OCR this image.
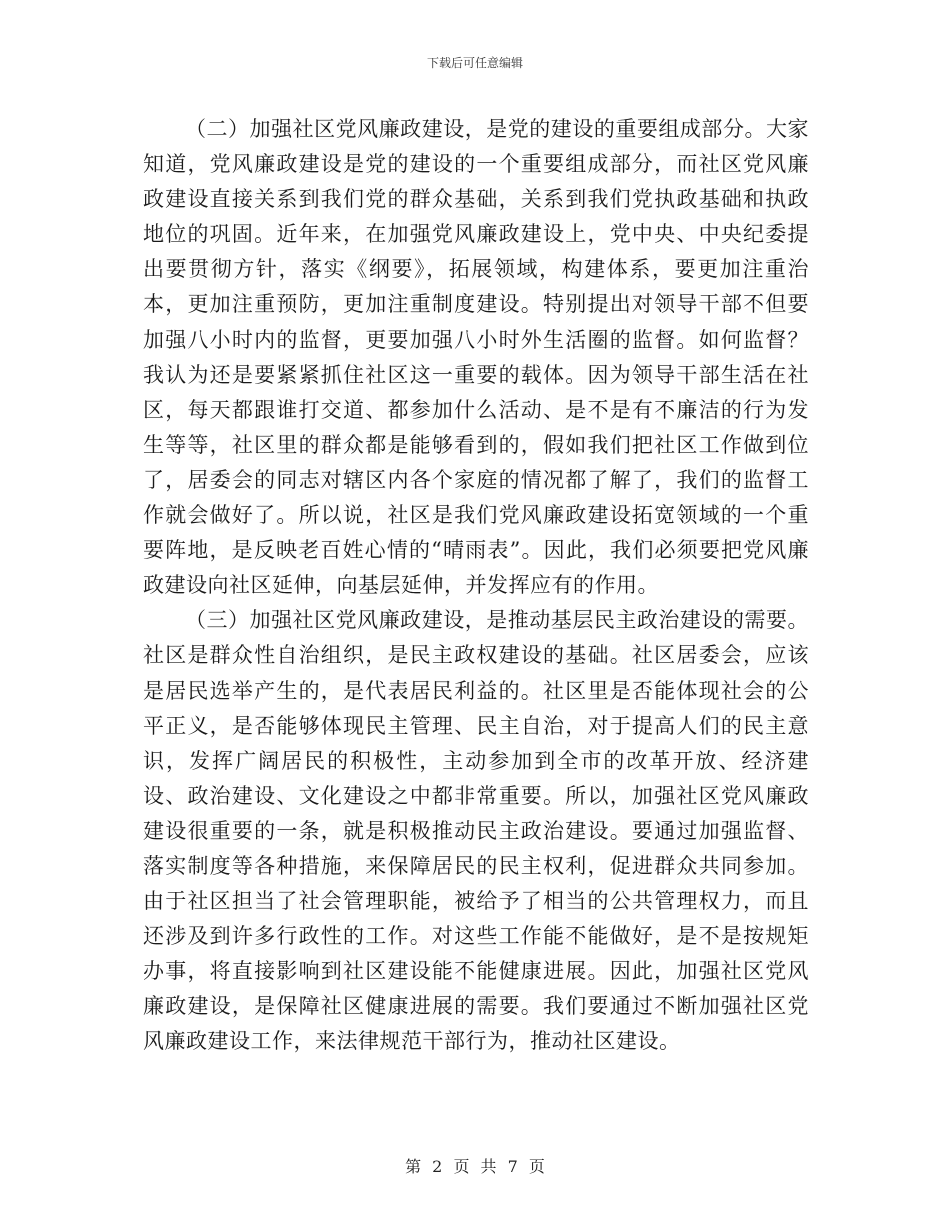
下载后可任意编辑

（二）加强社区党风廉政建设，是党的建设的重要组成部分。大家知道，党风廉政建设是党的建设的一个重要组成部分，而社区党风廉政建设直接关系到我们党的群众基础，关系到我们党执政基础和执政地位的巩固。近年来，在加强党风廉政建设上，党中央、中央纪委提出要贯彻方针，落实《纲要》，拓展领域，构建体系，要更加注重治本，更加注重预防，更加注重制度建设。特别提出对领导干部不但要加强八小时内的监督，更要加强八小时外生活圈的监督。如何监督？我认为还是要紧紧抓住社区这一重要的载体。因为领导干部生活在社区，每天都跟谁打交道、都参加什么活动、是不是有不廉洁的行为发生等等，社区里的群众都是能够看到的，假如我们把社区工作做到位了，居委会的同志对辖区内各个家庭的情况都了解了，我们的监督工作就会做好了。所以说，社区是我们党风廉政建设拓宽领域的一个重要阵地，是反映老百姓心情的“晴雨表”。因此，我们必须要把党风廉政建设向社区延伸，向基层延伸，并发挥应有的作用。

（三）加强社区党风廉政建设，是推动基层民主政治建设的需要。社区是群众性自治组织，是民主政权建设的基础。社区居委会，应该是居民选举产生的，是代表居民利益的。社区里是否能体现社会的公平正义，是否能够体现民主管理、民主自治，对于提高人们的民主意识，发挥广阔居民的积极性，主动参加到全市的改革开放、经济建设、政治建设、文化建设之中都非常重要。所以，加强社区党风廉政建设很重要的一条，就是积极推动民主政治建设。要通过加强监督、落实制度等各种措施，来保障居民的民主权利，促进群众共同参加。由于社区担当了社会管理职能，被给予了相当的公共管理权力，而且还涉及到许多行政性的工作。对这些工作能不能做好，是不是按规矩办事，将直接影响到社区建设能不能健康进展。因此，加强社区党风廉政建设，是保障社区健康进展的需要。我们要通过不断加强社区党风廉政建设工作，来法律规范干部行为，推动社区建设。

第 2 页 共 7 页
